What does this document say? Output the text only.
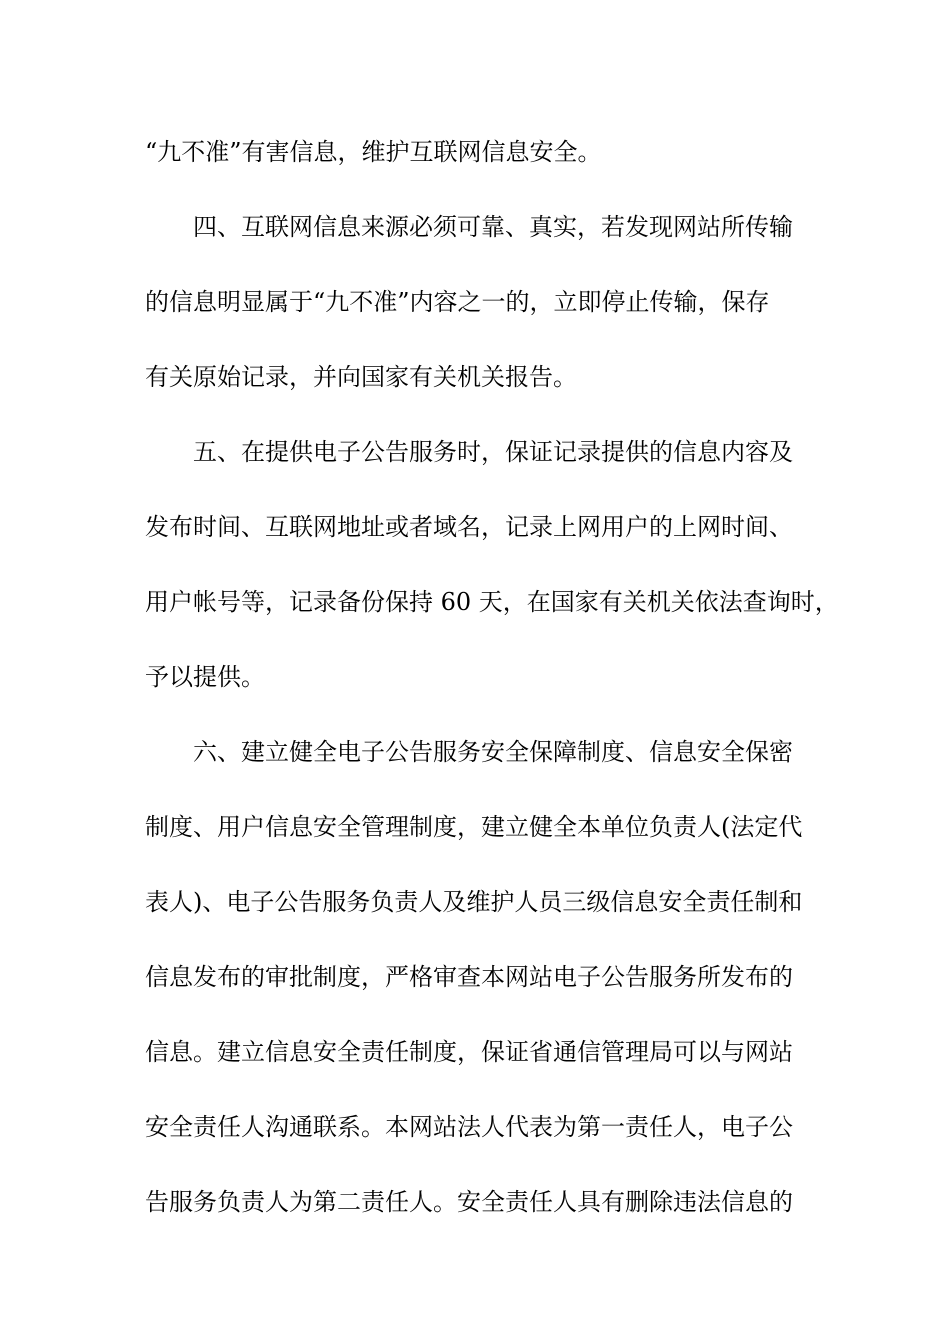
“九不准”有害信息，维护互联网信息安全。
四、互联网信息来源必须可靠、真实，若发现网站所传输
的信息明显属于“九不准”内容之一的，立即停止传输，保存
有关原始记录，并向国家有关机关报告。
五、在提供电子公告服务时，保证记录提供的信息内容及
发布时间、互联网地址或者域名，记录上网用户的上网时间、
用户帐号等，记录备份保持 60 天，在国家有关机关依法查询时，
予以提供。
六、建立健全电子公告服务安全保障制度、信息安全保密
制度、用户信息安全管理制度，建立健全本单位负责人(法定代
表人)、电子公告服务负责人及维护人员三级信息安全责任制和
信息发布的审批制度，严格审查本网站电子公告服务所发布的
信息。建立信息安全责任制度，保证省通信管理局可以与网站
安全责任人沟通联系。本网站法人代表为第一责任人，电子公
告服务负责人为第二责任人。安全责任人具有删除违法信息的
